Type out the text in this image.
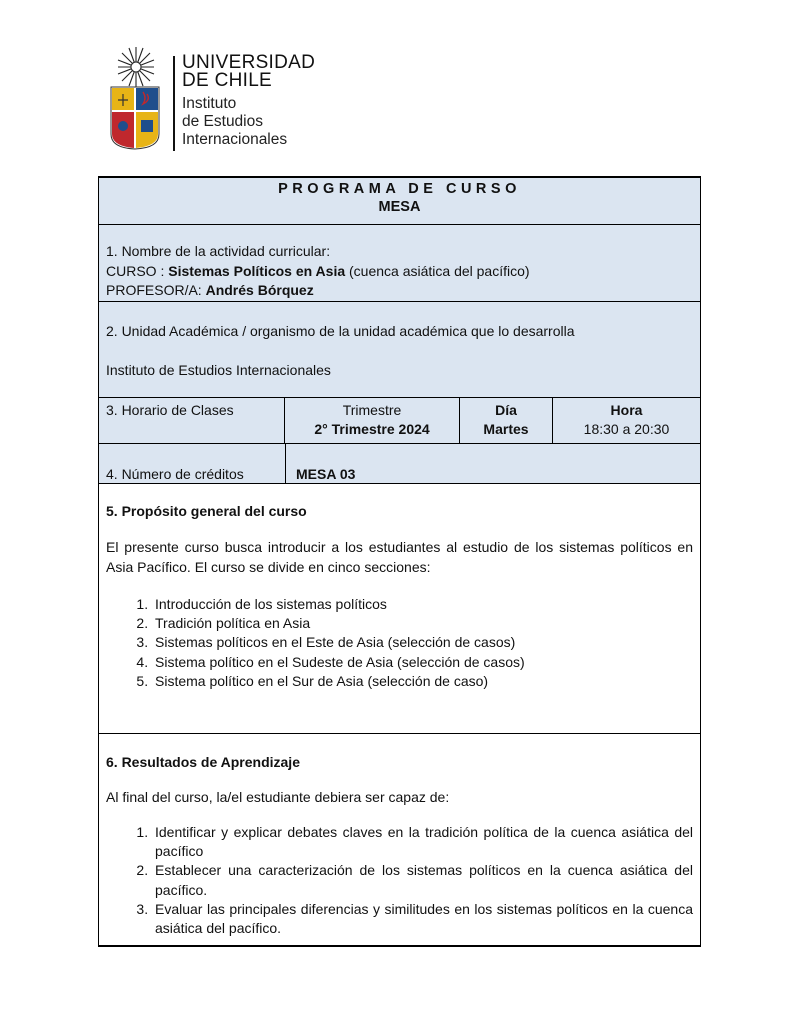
UNIVERSIDAD
DE CHILE
Instituto
de Estudios
Internacionales
PROGRAMA DE CURSO
MESA
1. Nombre de la actividad curricular:
CURSO : Sistemas Políticos en Asia (cuenca asiática del pacífico)
PROFESOR/A: Andrés Bórquez
2. Unidad Académica / organismo de la unidad académica que lo desarrolla
Instituto de Estudios Internacionales
3. Horario de Clases	Trimestre
2° Trimestre 2024
Día
Martes
Hora
18:30 a 20:30
4. Número de créditos	MESA 03
5. Propósito general del curso
El presente curso busca introducir a los estudiantes al estudio de los sistemas políticos en Asia Pacífico. El curso se divide en cinco secciones:
1. Introducción de los sistemas políticos
2. Tradición política en Asia
3. Sistemas políticos en el Este de Asia (selección de casos)
4. Sistema político en el Sudeste de Asia (selección de casos)
5. Sistema político en el Sur de Asia (selección de caso)
6. Resultados de Aprendizaje
Al final del curso, la/el estudiante debiera ser capaz de:
1. Identificar y explicar debates claves en la tradición política de la cuenca asiática del pacífico
2. Establecer una caracterización de los sistemas políticos en la cuenca asiática del pacífico.
3. Evaluar las principales diferencias y similitudes en los sistemas políticos en la cuenca asiática del pacífico.
